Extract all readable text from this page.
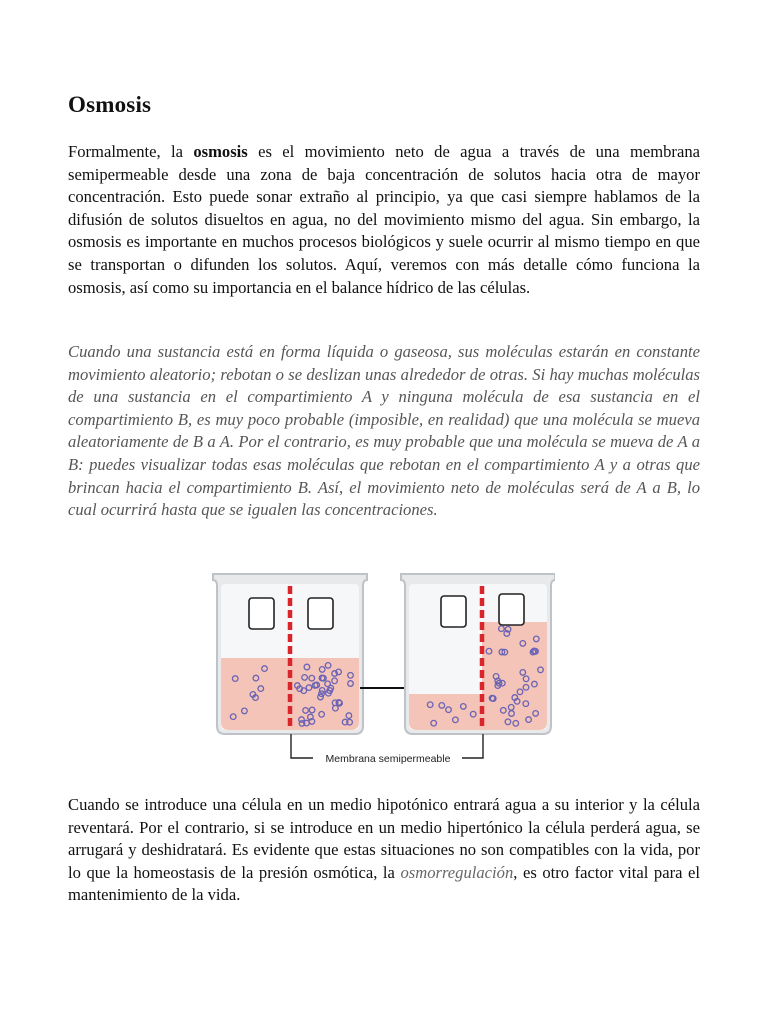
Osmosis

Formalmente, la osmosis es el movimiento neto de agua a través de una membrana semipermeable desde una zona de baja concentración de solutos hacia otra de mayor concentración. Esto puede sonar extraño al principio, ya que casi siempre hablamos de la difusión de solutos disueltos en agua, no del movimiento mismo del agua. Sin embargo, la osmosis es importante en muchos procesos biológicos y suele ocurrir al mismo tiempo en que se transportan o difunden los solutos. Aquí, veremos con más detalle cómo funciona la osmosis, así como su importancia en el balance hídrico de las células.

Cuando una sustancia está en forma líquida o gaseosa, sus moléculas estarán en constante movimiento aleatorio; rebotan o se deslizan unas alrededor de otras. Si hay muchas moléculas de una sustancia en el compartimiento A y ninguna molécula de esa sustancia en el compartimiento B, es muy poco probable (imposible, en realidad) que una molécula se mueva aleatoriamente de B a A. Por el contrario, es muy probable que una molécula se mueva de A a B: puedes visualizar todas esas moléculas que rebotan en el compartimiento A y a otras que brincan hacia el compartimiento B. Así, el movimiento neto de moléculas será de A a B, lo cual ocurrirá hasta que se igualen las concentraciones.

Membrana semipermeable

Cuando se introduce una célula en un medio hipotónico entrará agua a su interior y la célula reventará. Por el contrario, si se introduce en un medio hipertónico la célula perderá agua, se arrugará y deshidratará. Es evidente que estas situaciones no son compatibles con la vida, por lo que la homeostasis de la presión osmótica, la osmorregulación, es otro factor vital para el mantenimiento de la vida.
